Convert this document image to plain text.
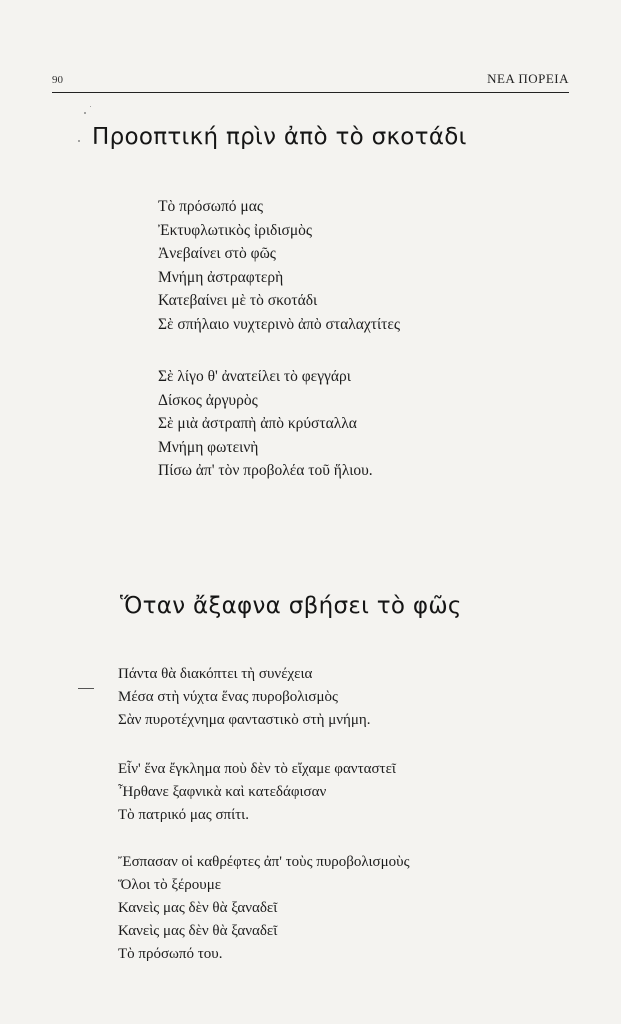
90	ΝΕΑ ΠΟΡΕΙΑ
Προοπτική πρὶν ἀπὸ τὸ σκοτάδι
Τὸ πρόσωπό μας
Ἐκτυφλωτικὸς ἰριδισμὸς
Ἀνεβαίνει στὸ φῶς
Μνήμη ἀστραφτερὴ
Κατεβαίνει μὲ τὸ σκοτάδι
Σὲ σπήλαιο νυχτερινὸ ἀπὸ σταλαχτίτες
Σὲ λίγο θ' ἀνατείλει τὸ φεγγάρι
Δίσκος ἀργυρὸς
Σὲ μιὰ ἀστραπὴ ἀπὸ κρύσταλλα
Μνήμη φωτεινὴ
Πίσω ἀπ' τὸν προβολέα τοῦ ἥλιου.
Ὅταν ἄξαφνα σβήσει τὸ φῶς
Πάντα θὰ διακόπτει τὴ συνέχεια
Μέσα στὴ νύχτα ἕνας πυροβολισμὸς
Σὰν πυροτέχνημα φανταστικὸ στὴ μνήμη.
Εἶν' ἕνα ἔγκλημα ποὺ δὲν τὸ εἴχαμε φανταστεῖ
Ἦρθανε ξαφνικὰ καὶ κατεδάφισαν
Τὸ πατρικό μας σπίτι.
Ἔσπασαν οἱ καθρέφτες ἀπ' τοὺς πυροβολισμοὺς
Ὅλοι τὸ ξέρουμε
Κανεὶς μας δὲν θὰ ξαναδεῖ
Κανεὶς μας δὲν θὰ ξαναδεῖ
Τὸ πρόσωπό του.
